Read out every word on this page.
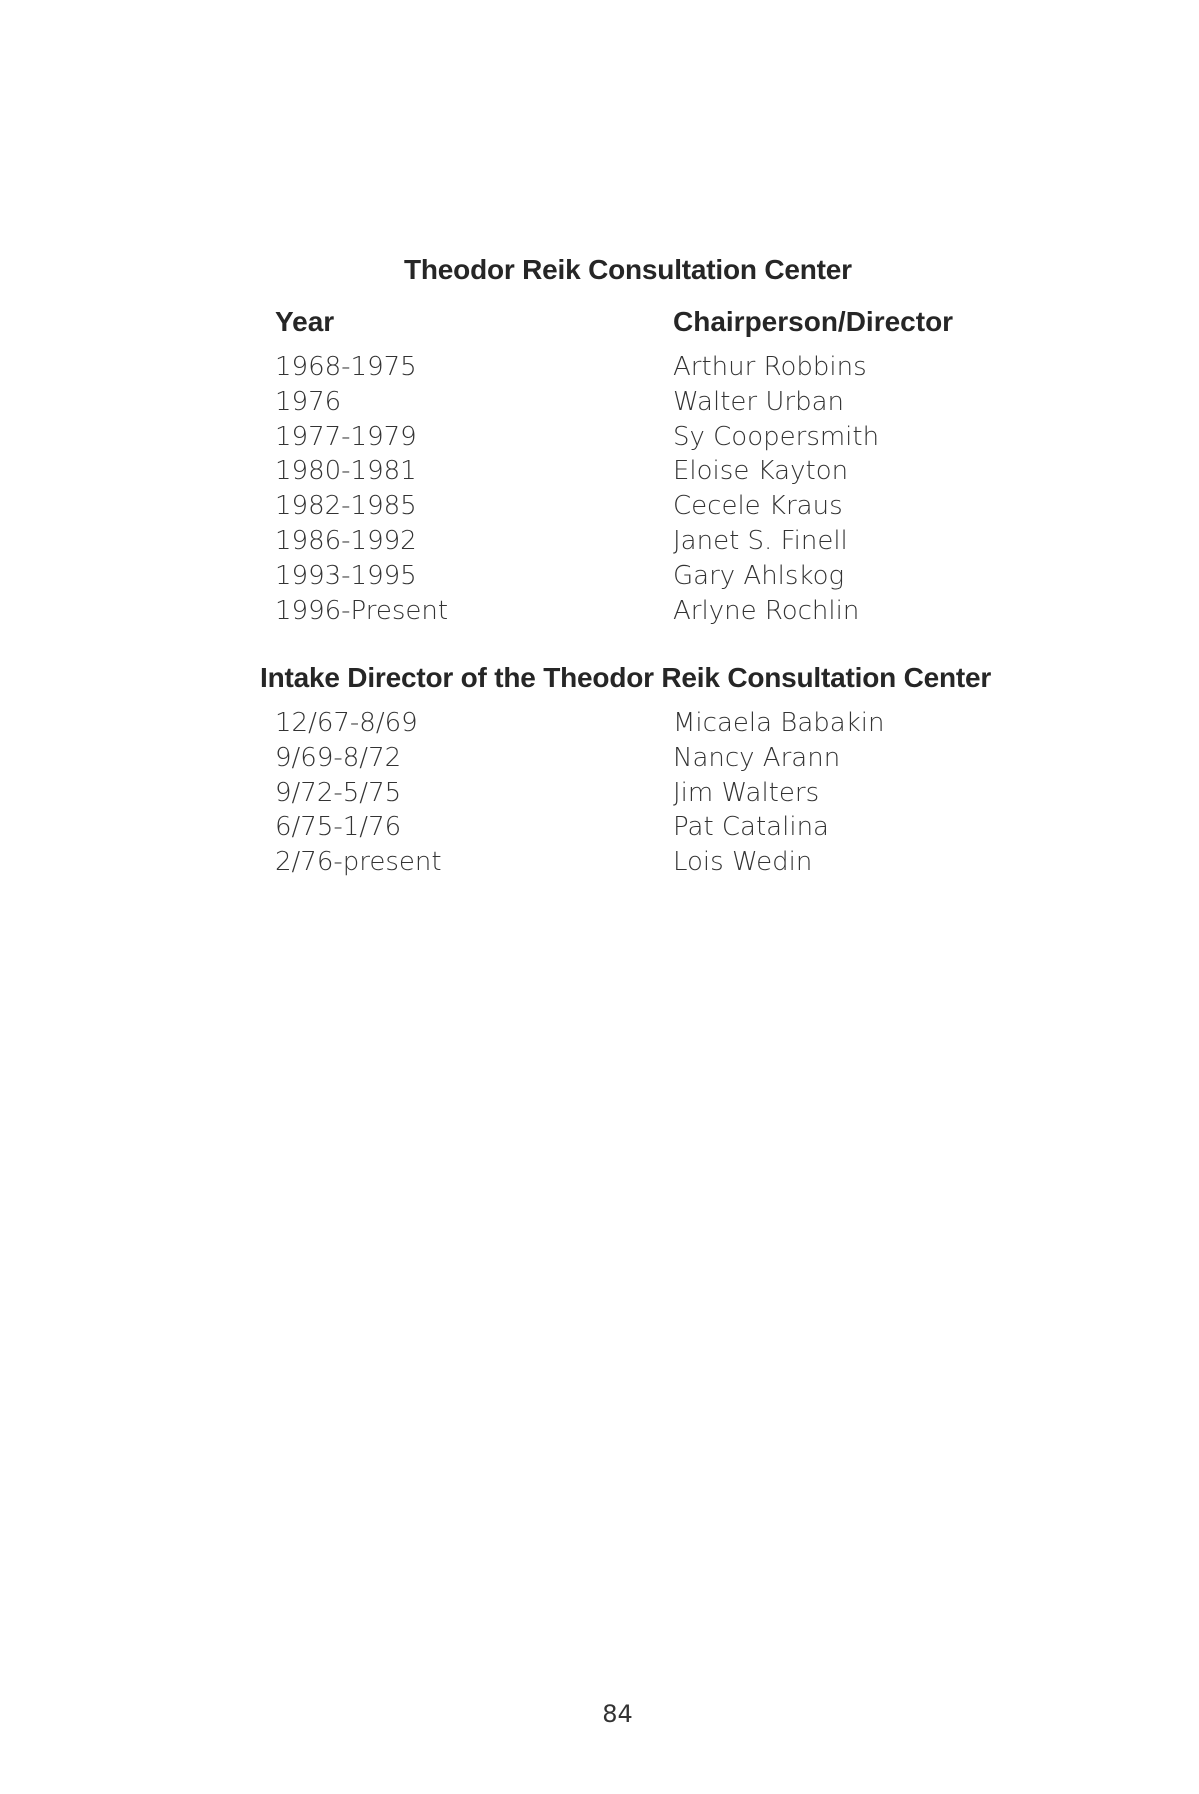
Theodor Reik Consultation Center
Year	Chairperson/Director
1968-1975	Arthur Robbins
1976	Walter Urban
1977-1979	Sy Coopersmith
1980-1981	Eloise Kayton
1982-1985	Cecele Kraus
1986-1992	Janet S. Finell
1993-1995	Gary Ahlskog
1996-Present	Arlyne Rochlin
Intake Director of the Theodor Reik Consultation Center
12/67-8/69	Micaela Babakin
9/69-8/72	Nancy Arann
9/72-5/75	Jim Walters
6/75-1/76	Pat Catalina
2/76-present	Lois Wedin
84
